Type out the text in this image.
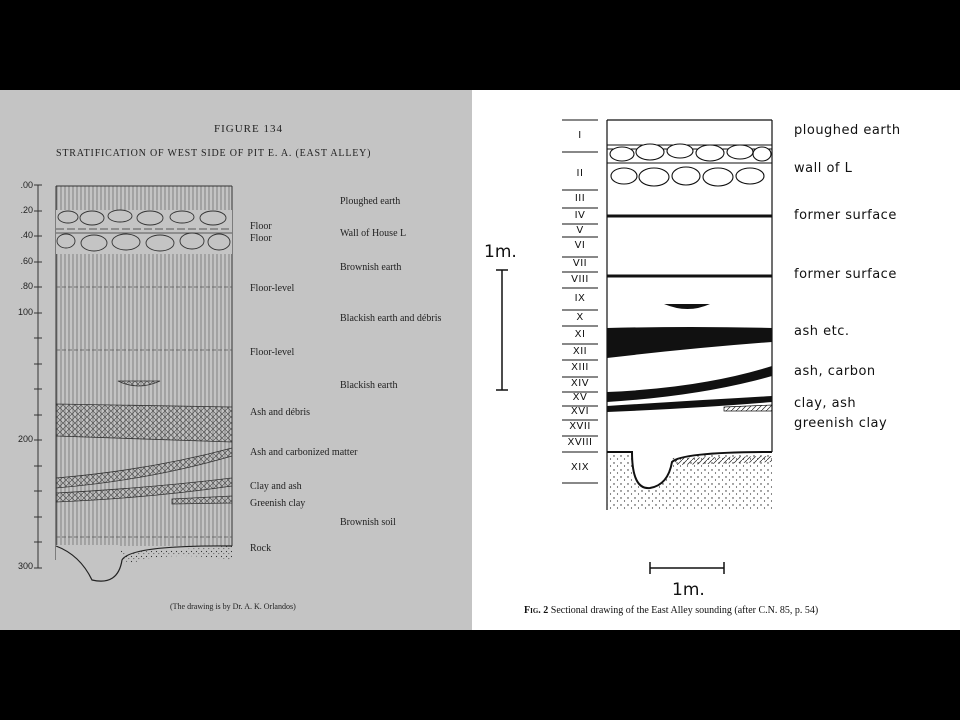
FIGURE 134
STRATIFICATION OF WEST SIDE OF PIT E. A. (EAST ALLEY)
.00
.20
.40
.60
.80
100
200
300
Floor
Floor
Floor-level
Floor-level
Ploughed earth
Wall of House L
Brownish earth
Blackish earth and débris
Blackish earth
Ash and débris
Ash and carbonized matter
Clay and ash
Greenish clay
Brownish soil
Rock
(The drawing is by Dr. A. K. Orlandos)
I
II
III
IV
V
VI
VII
VIII
IX
X
XI
XII
XIII
XIV
XV
XVI
XVII
XVIII
XIX
ploughed earth
wall of L
former surface
former surface
ash etc.
ash, carbon
clay, ash
greenish clay
1m.
1m.
Fig. 2 Sectional drawing of the East Alley sounding (after C.N. 85, p. 54)
